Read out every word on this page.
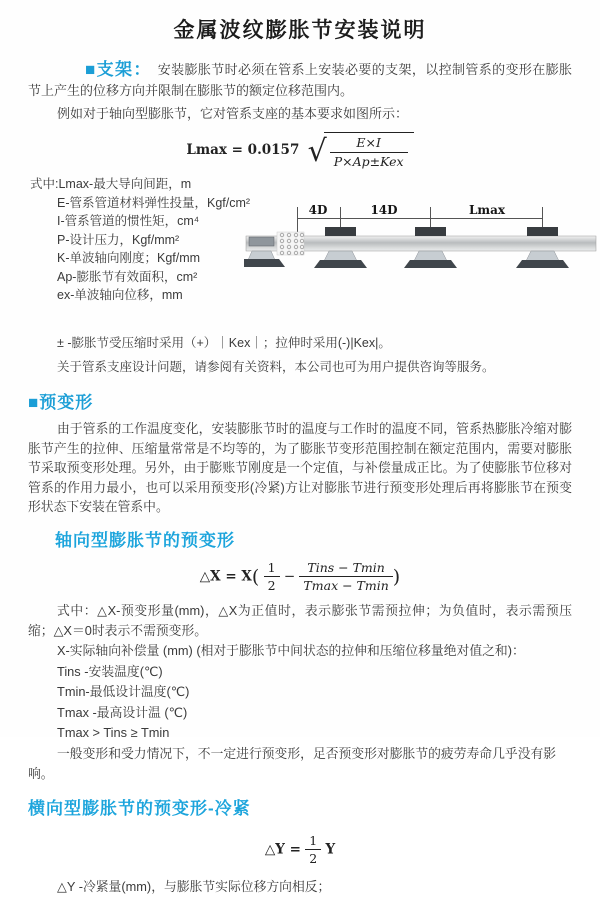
金属波纹膨胀节安装说明

■支架： 安装膨胀节时必须在管系上安装必要的支架，以控制管系的变形在膨胀节上产生的位移方向并限制在膨胀节的额定位移范围内。

例如对于轴向型膨胀节，它对管系支座的基本要求如图所示：

Lmax = 0.0157 √ $\frac{E\times I}{\text{P×Ap±Kex}}$
式中:Lmax-最大导向间距，m
E-管系管道材料弹性投量，Kgf/cm²
I-管系管道的惯性矩，cm⁴
P-设计压力，Kgf/mm²
K-单波轴向刚度；Kgf/mm
Ap-膨胀节有效面积，cm²
ex-单波轴向位移，mm
4D	14D	Lmax
± -膨胀节受压缩时采用（+）｜Kex｜；拉伸时采用(-)|Kex|。
关于管系支座设计问题，请参阅有关资料，本公司也可为用户提供咨询等服务。
■预变形

由于管系的工作温度变化，安装膨胀节时的温度与工作时的温度不同，管系热膨胀冷缩对膨胀节产生的拉伸、压缩量常常是不均等的，为了膨胀节变形范围控制在额定范围内，需要对膨胀节采取预变形处理。另外，由于膨账节刚度是一个定值，与补偿量成正比。为了使膨胀节位移对管系的作用力最小，也可以采用预变形(冷紧)方让对膨胀节进行预变形处理后再将膨胀节在预变形状态下安装在管系中。

轴向型膨胀节的预变形
△X = $X( \frac{1}{2} - \frac{\text{Tins − Tmin}}{Tmax - Tmin}$ )

式中：△X-预变形量(mm)，△X为正值时，表示膨张节需预拉伸；为负值时，表示需预压缩；△X＝0时表示不需预变形。

X-实际轴向补偿量 (mm) (相对于膨胀节中间状态的拉伸和压缩位移量绝对值之和)：
Tins -安装温度(℃)
Tmin-最低设计温度(℃)
Tmax -最高设计温 (℃)
Tmax > Tins ≥ Tmin
一般变形和受力情况下，不一定进行预变形，足否预变形对膨胀节的疲劳寿命几乎没有影响。
横向型膨胀节的预变形-冷紧
△Y = $\frac{1}{2}$ Y
△Y -冷紧量(mm)，与膨胀节实际位移方向相反；
